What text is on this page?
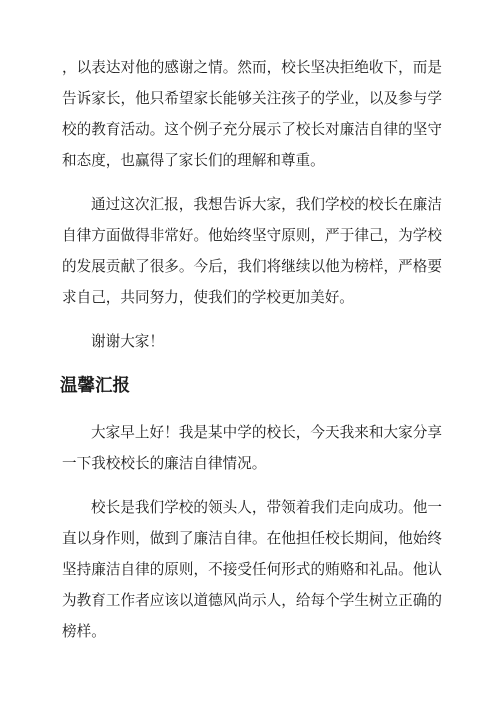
，以表达对他的感谢之情。然而，校长坚决拒绝收下，而是告诉家长，他只希望家长能够关注孩子的学业，以及参与学校的教育活动。这个例子充分展示了校长对廉洁自律的坚守和态度，也赢得了家长们的理解和尊重。

通过这次汇报，我想告诉大家，我们学校的校长在廉洁自律方面做得非常好。他始终坚守原则，严于律己，为学校的发展贡献了很多。今后，我们将继续以他为榜样，严格要求自己，共同努力，使我们的学校更加美好。

谢谢大家！

温馨汇报

大家早上好！我是某中学的校长，今天我来和大家分享一下我校校长的廉洁自律情况。

校长是我们学校的领头人，带领着我们走向成功。他一直以身作则，做到了廉洁自律。在他担任校长期间，他始终坚持廉洁自律的原则，不接受任何形式的贿赂和礼品。他认为教育工作者应该以道德风尚示人，给每个学生树立正确的榜样。
